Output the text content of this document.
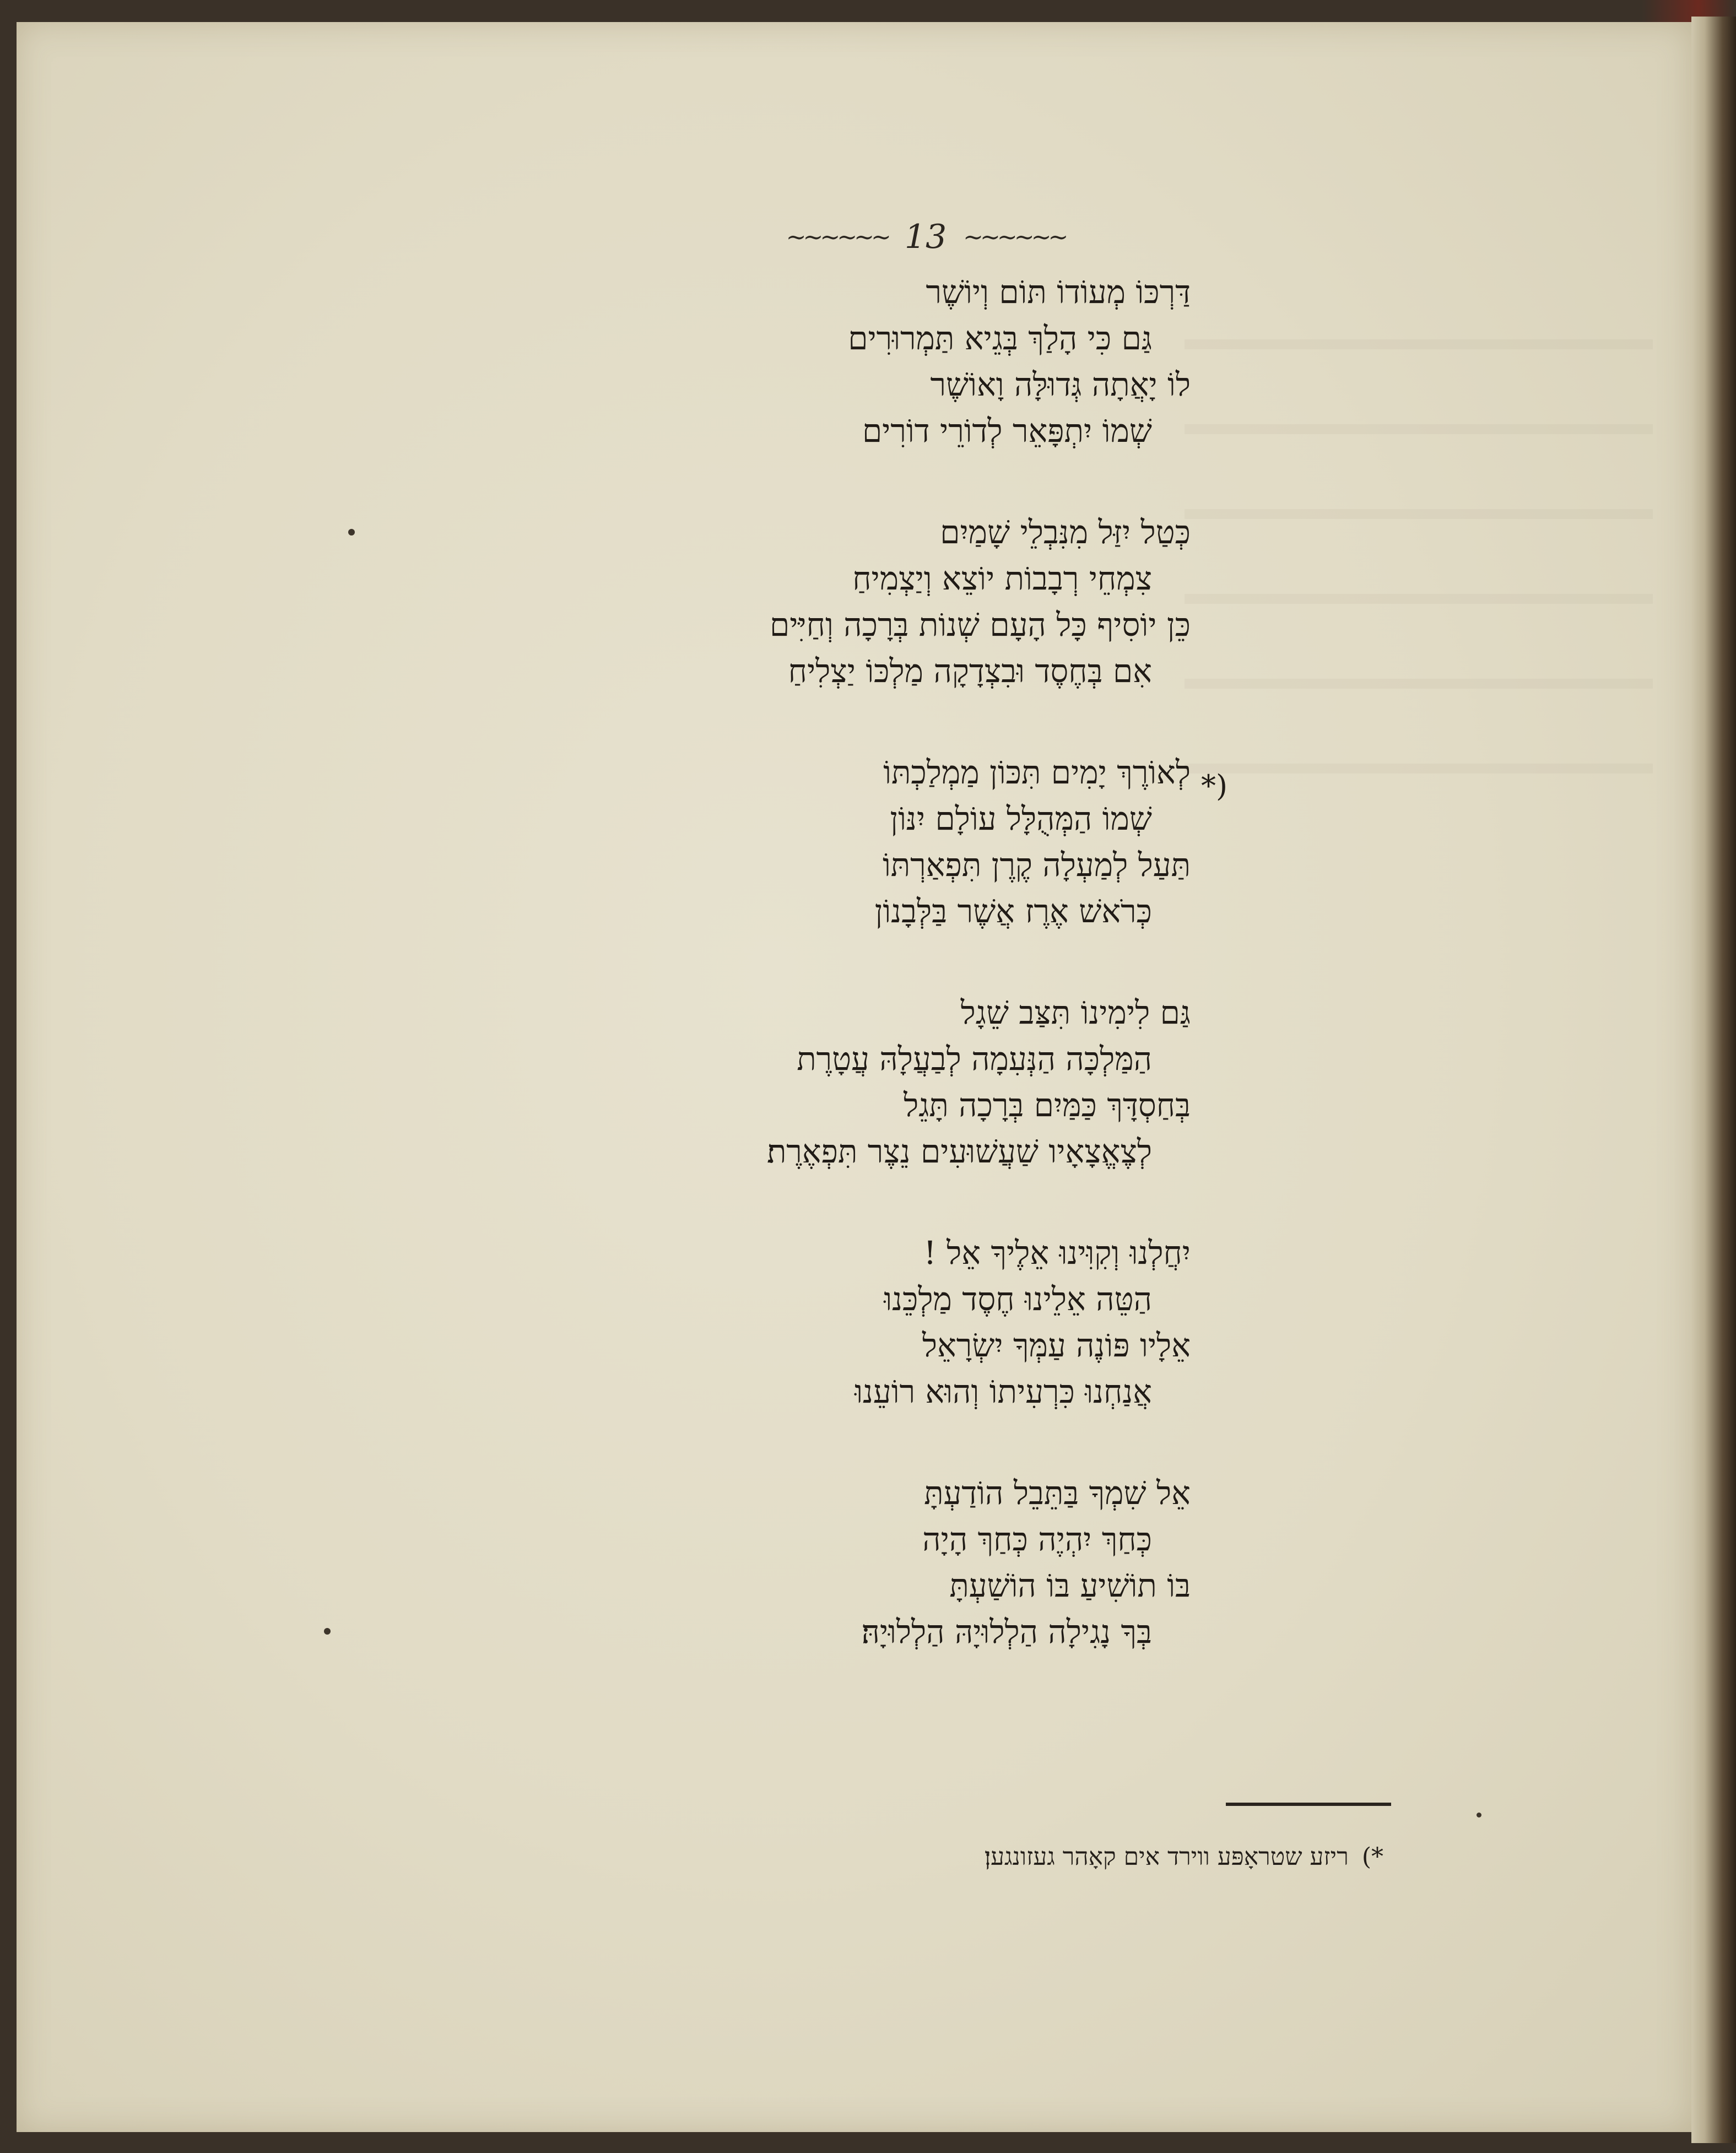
~~~~~~ 13 ~~~~~~
*)
דַּרְכּוֹ מְעוֹדוֹ תּוֹם וְיוֹשֶׁר
גַּם כִּי הָלַךְ בְּגֵיא תַּמְרוּרִים
לוֹ יָאֲתָה גְּדוּלָּה וָאוֹשֶׁר
שְׁמוֹ יִתְפָּאֵר לְדוֹרֵי דוֹרִים
כְּטַל יִזַּל מִנִּבְלֵי שָׁמַיִם
צִמְחֵי רְבָבוֹת יוֹצֵא וְיַצְמִיחַ
כֵּן יוֹסִיף כָּל הָעָם שְׁנוֹת בְּרָכָה וְחַיִּים
אִם בְּחֶסֶד וּבִצְדָקָה מַלְכּוֹ יַצְלִיחַ
לְאוֹרֶךְ יָמִים תִּכּוֹן מַמְלַכְתּוֹ
שְׁמוֹ הַמְּהֻלָּל עוֹלָם יִנּוֹן
תַּעַל לְמַעְלָה קֶרֶן תִּפְאַרְתּוֹ
כְּרֹאשׁ אֶרֶז אֲשֶׁר בַּלְּבָנוֹן
גַּם לִימִינוֹ תִּצַּב שֵׁגָל
הַמַּלְכָּה הַנְּעִמָה לְבַעֲלָהּ עֲטָרֶת
בְּחַסְדָּךְ כַּמַּיִם בְּרָכָה תָּגֵל
לְצֶאֱצָאָיו שַׁעֲשׁוּעִים נֵצֶר תִּפְאֶרֶת׃
יִחֲלְנוּ וְקִוִּינוּ אֵלֶיךָ אֵל !
הַטֵּה אֵלֵינוּ חֶסֶד מַלְכֵּנוּ
אֵלָיו פּוֹנֶה עַמְּךָ יִשְׂרָאֵל
אֲנַחְנוּ כִּרְעִיתוֹ וְהוּא רוֹעֵנוּ
אֵל שִׁמְךָ בַּתֵּבֵל הוֹדַעְתָּ
כְּחַךְ יִהְיֶה כְּחַךְ הָיָה
בּוֹ תוֹשִׁיעַ בּוֹ הוֹשַׁעְתָּ
בְּךָ נָגִילָה הַלְלוּיָהּ הַלְלוּיָהּ׃
*) ריזע שטראָפּע ווירד אים קאָהר געזונגען׃
